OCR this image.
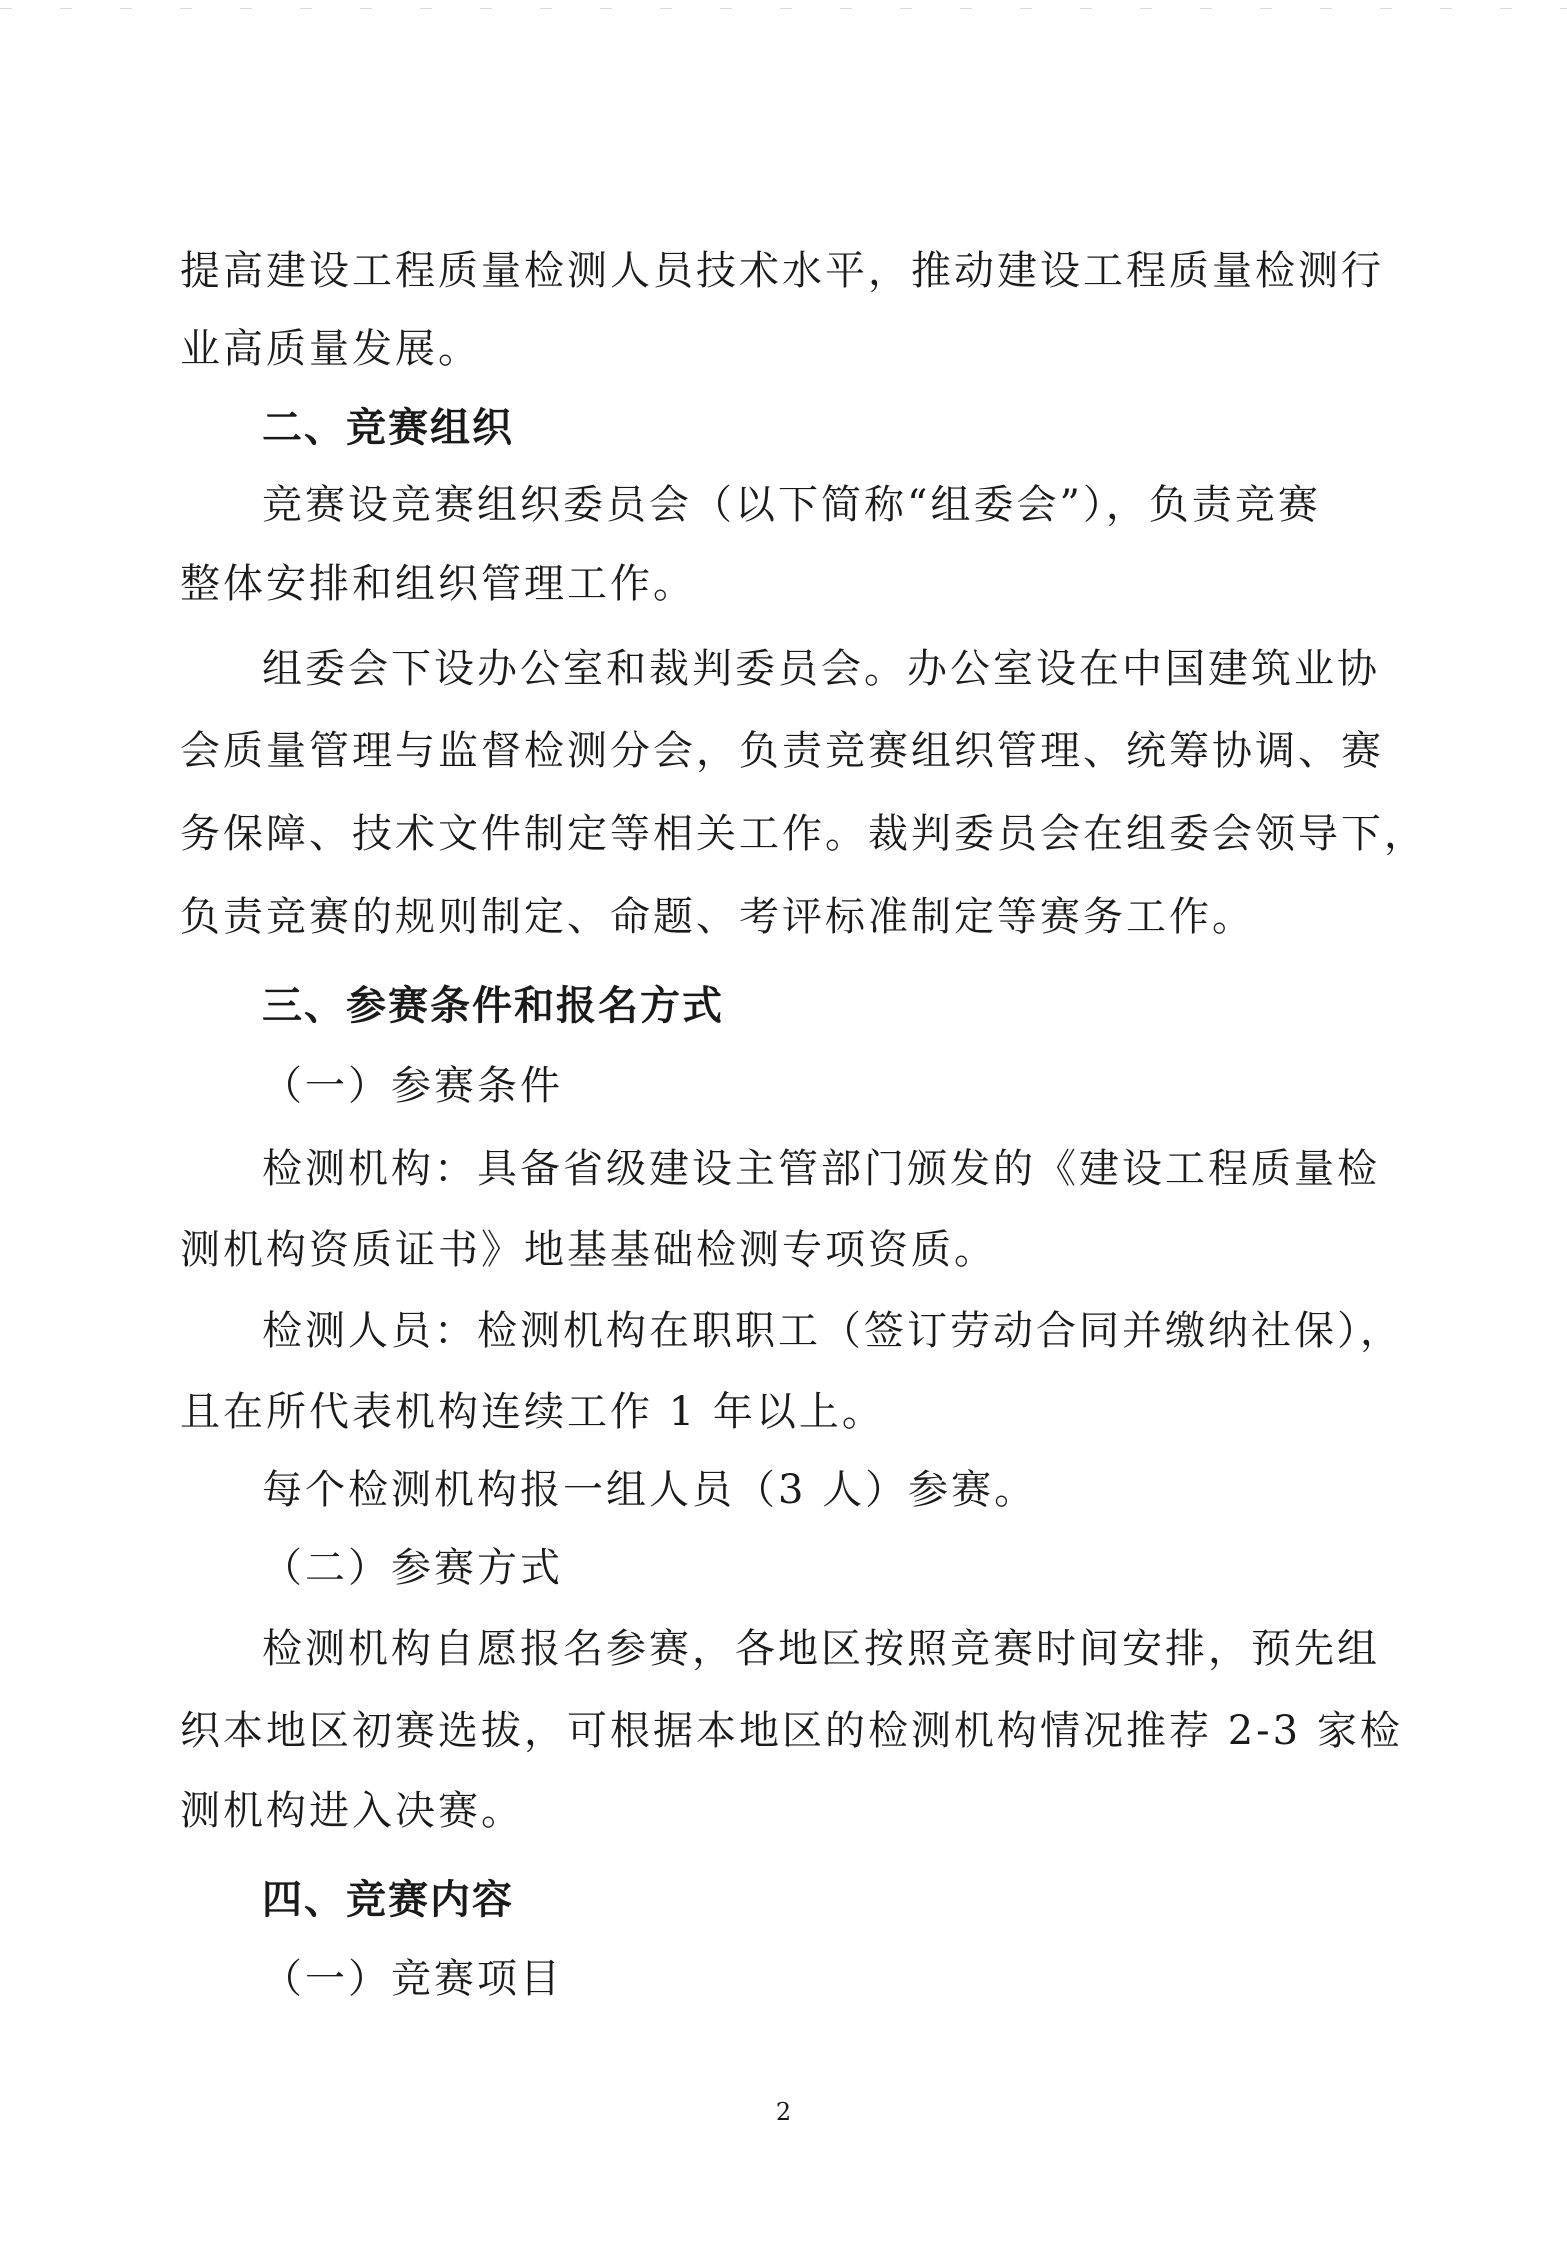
提高建设工程质量检测人员技术水平，推动建设工程质量检测行
业高质量发展。
二、竞赛组织
竞赛设竞赛组织委员会（以下简称“组委会”），负责竞赛
整体安排和组织管理工作。
组委会下设办公室和裁判委员会。办公室设在中国建筑业协
会质量管理与监督检测分会，负责竞赛组织管理、统筹协调、赛
务保障、技术文件制定等相关工作。裁判委员会在组委会领导下，
负责竞赛的规则制定、命题、考评标准制定等赛务工作。
三、参赛条件和报名方式
（一）参赛条件
检测机构：具备省级建设主管部门颁发的《建设工程质量检
测机构资质证书》地基基础检测专项资质。
检测人员：检测机构在职职工（签订劳动合同并缴纳社保），
且在所代表机构连续工作 1 年以上。
每个检测机构报一组人员（3 人）参赛。
（二）参赛方式
检测机构自愿报名参赛，各地区按照竞赛时间安排，预先组
织本地区初赛选拔，可根据本地区的检测机构情况推荐 2-3 家检
测机构进入决赛。
四、竞赛内容
（一）竞赛项目
2
